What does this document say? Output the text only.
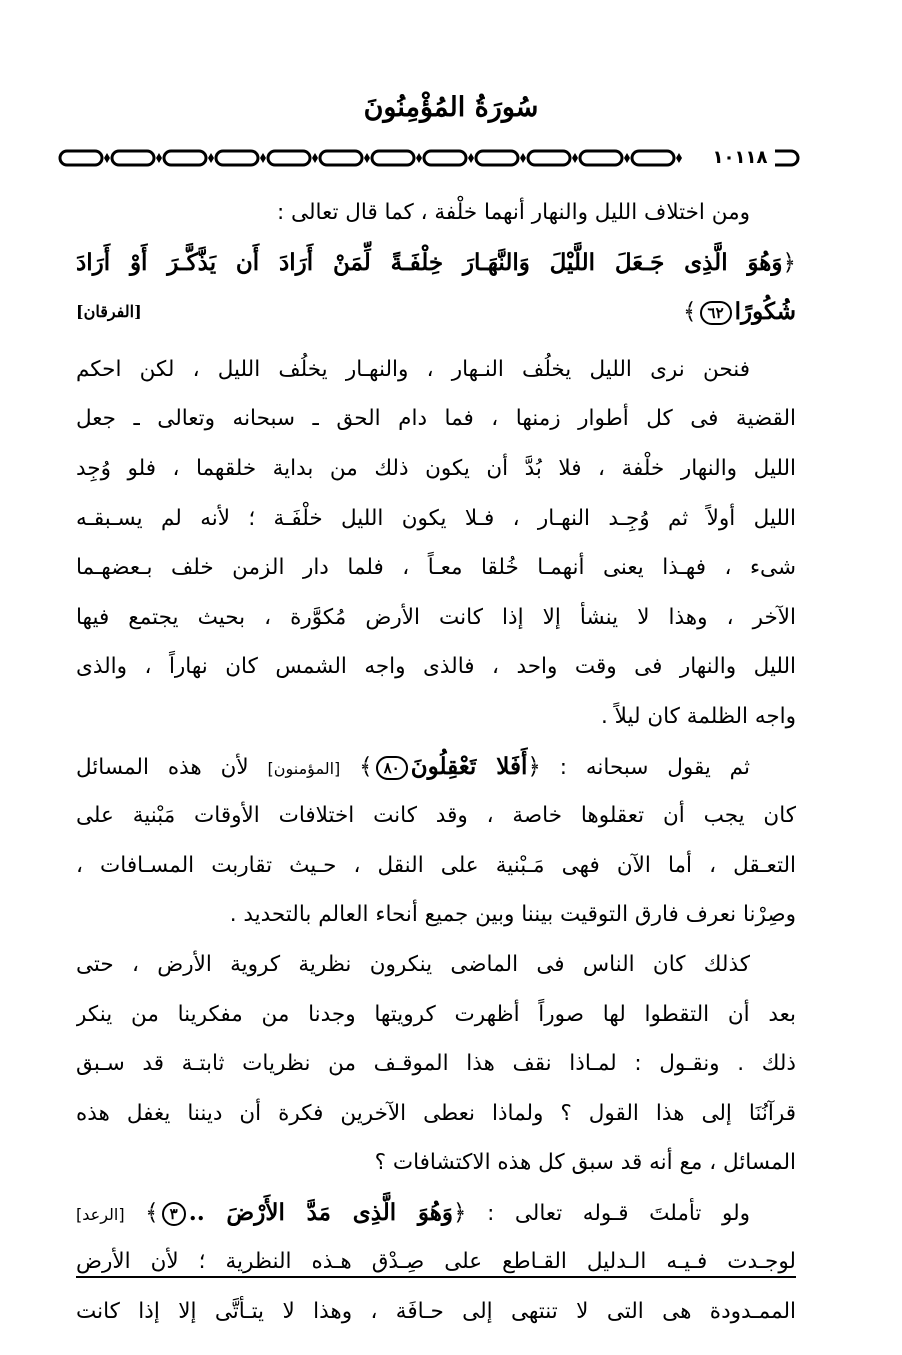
سُورَةُ المُؤْمِنُونَ
١٠١١٨
ومن اختلاف الليل والنهار أنهما خلْفة ، كما قال تعالى :
﴿وَهُوَ الَّذِى جَـعَلَ اللَّيْلَ وَالنَّهَـارَ خِلْفَـةً لِّمَنْ أَرَادَ أَن يَذَّكَّـرَ أَوْ أَرَادَ
شُكُورًا٦٢﴾
[الفرقان]
فنحن نرى الليل يخلُف النـهار ، والنهـار يخلُف الليل ، لكن احكم
القضية فى كل أطوار زمنها ، فما دام الحق ـ سبحانه وتعالى ـ جعل
الليل والنهار خلْفة ، فلا بُدَّ أن يكون ذلك من بداية خلقهما ، فلو وُجِد
الليل أولاً ثم وُجِـد النهـار ، فـلا يكون الليل خلْفَـة ؛ لأنه لم يسـبقـه
شىء ، فهـذا يعنى أنهمـا خُلقا معـاً ، فلما دار الزمن خلف بـعضهـما
الآخر ، وهذا لا ينشأ إلا إذا كانت الأرض مُكوَّرة ، بحيث يجتمع فيها
الليل والنهار فى وقت واحد ، فالذى واجه الشمس كان نهاراً ، والذى
واجه الظلمة كان ليلاً .
ثم يقول سبحانه : ﴿أَفَلا تَعْقِلُونَ٨٠﴾ [المؤمنون] لأن هذه المسائل
كان يجب أن تعقلوها خاصة ، وقد كانت اختلافات الأوقات مَبْنية على
التعـقل ، أما الآن فهى مَـبْنية على النقل ، حـيث تقاربت المسـافات ،
وصِرْنا نعرف فارق التوقيت بيننا وبين جميع أنحاء العالم بالتحديد .
كذلك كان الناس فى الماضى ينكرون نظرية كروية الأرض ، حتى
بعد أن التقطوا لها صوراً أظهرت كرويتها وجدنا من مفكرينا من ينكر
ذلك . ونقـول : لمـاذا نقف هذا الموقـف من نظريات ثابتـة قد سـبق
قرآنُنَا إلى هذا القول ؟ ولماذا نعطى الآخرين فكرة أن ديننا يغفل هذه
المسائل ، مع أنه قد سبق كل هذه الاكتشافات ؟
ولو تأملتَ قـوله تعالى : ﴿وَهُوَ الَّذِى مَدَّ الأَرْضَ ..٣﴾ [الرعد]
لوجـدت فـيـه الـدليل القـاطع على صِـدْق هـذه النظرية ؛ لأن الأرض
الممـدودة هى التى لا تنتهى إلى حـافَة ، وهذا لا يتـأتَّى إلا إذا كانت
